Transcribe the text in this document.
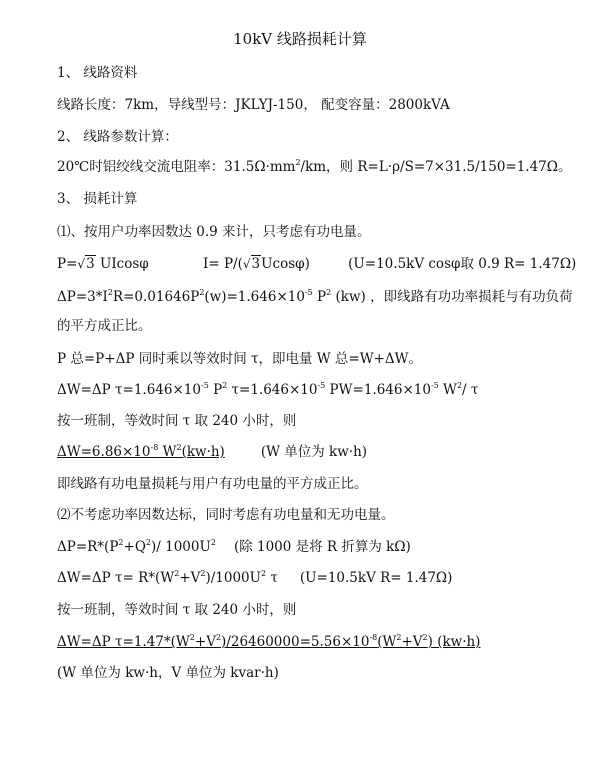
10kV 线路损耗计算
1、 线路资料
线路长度：7km，导线型号：JKLYJ-150， 配变容量：2800kVA
2、 线路参数计算：
20℃时铝绞线交流电阻率：$31.5\Omega\cdot mm^2/km$，则 R=L·ρ/S=7×31.5/150=1.47Ω。
3、 损耗计算
⑴、按用户功率因数达 0.9 来计，只考虑有功电量。
P=√3 UIcosφ	I= P/(√3Ucosφ)	(U=10.5kV cosφ取 0.9 R= 1.47Ω)
$\Delta P=3*I^2R=0.01646P^2(w)=1.646\times 10^{-5}$ $P^2$ (kw) ，即线路有功功率损耗与有功负荷
的平方成正比。
P 总=P+ΔP 同时乘以等效时间 τ，即电量 W 总=W+ΔW。
ΔW=ΔP $\tau=1.646\times 10^{-5}$ $P^2$ $\tau=1.646\times 10^{-5}$ $PW=1.646\times 10^{-5}$ $W^2/$ τ
按一班制，等效时间 τ 取 240 小时，则
$\Delta W=6.86\times 10^{-8}$ $W^2(kw\cdot h)$	(W 单位为 kw·h)
即线路有功电量损耗与用户有功电量的平方成正比。
⑵不考虑功率因数达标，同时考虑有功电量和无功电量。
$\Delta P=R*(P^2+Q^2)/$ $1000U^2$ (除 1000 是将 R 折算为 kΩ)
ΔW=ΔP $\tau= R*(W^2+V^2)/1000U^2$ τ (U=10.5kV R= 1.47Ω)
按一班制，等效时间 τ 取 240 小时，则
ΔW=ΔP $\tau=1.47*(W^2+V^2)/26460000=5.56\times 10^{-8}(W^2+V^2)$ (kw·h)
(W 单位为 kw·h，V 单位为 kvar·h)
